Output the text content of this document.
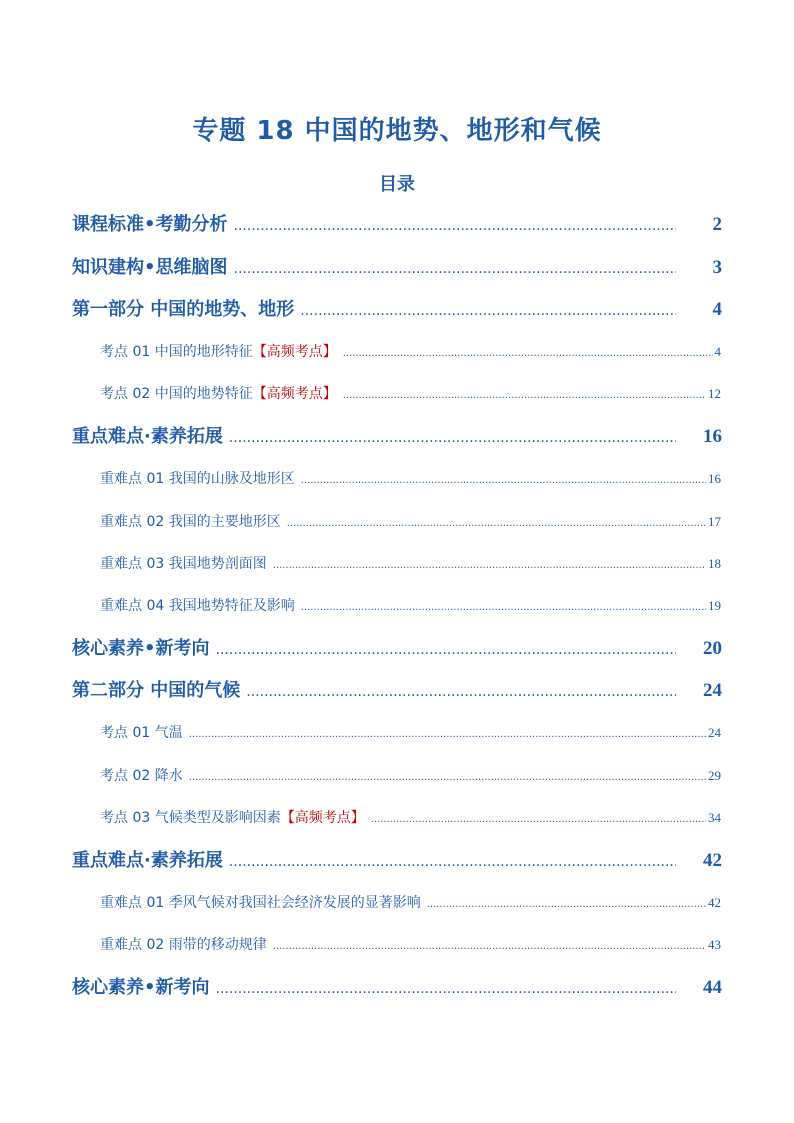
专题 18 中国的地势、地形和气候
目录
课程标准•考勤分析 .....	2
知识建构•思维脑图 .....	3
第一部分 中国的地势、地形 .....	4
考点 01 中国的地形特征 【高频考点】 .....	4
考点 02 中国的地势特征 【高频考点】 .....	12
重点难点·素养拓展 .....	16
重难点 01 我国的山脉及地形区 .....	16
重难点 02 我国的主要地形区 .....	17
重难点 03 我国地势剖面图 .....	18
重难点 04 我国地势特征及影响 .....	19
核心素养•新考向 .....	20
第二部分 中国的气候 .....	24
考点 01 气温 .....	24
考点 02 降水 .....	29
考点 03 气候类型及影响因素 【高频考点】 .....	34
重点难点·素养拓展 .....	42
重难点 01 季风气候对我国社会经济发展的显著影响 .....	42
重难点 02 雨带的移动规律 .....	43
核心素养•新考向 .....	44
